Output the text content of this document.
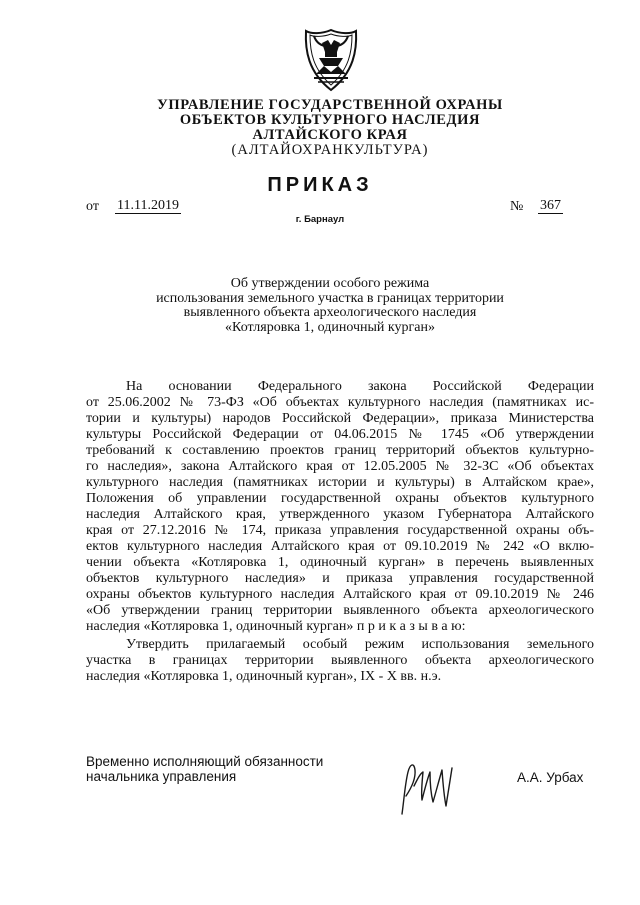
УПРАВЛЕНИЕ ГОСУДАРСТВЕННОЙ ОХРАНЫ
ОБЪЕКТОВ КУЛЬТУРНОГО НАСЛЕДИЯ
АЛТАЙСКОГО КРАЯ
(АЛТАЙОХРАНКУЛЬТУРА)
ПРИКАЗ
от 11.11.2019	№ 367
г. Барнаул
Об утверждении особого режима
использования земельного участка в границах территории
выявленного объекта археологического наследия
«Котляровка 1, одиночный курган»
На основании Федерального закона Российской Федерации
от 25.06.2002 № 73-ФЗ «Об объектах культурного наследия (памятниках ис-
тории и культуры) народов Российской Федерации», приказа Министерства
культуры Российской Федерации от 04.06.2015 № 1745 «Об утверждении
требований к составлению проектов границ территорий объектов культурно-
го наследия», закона Алтайского края от 12.05.2005 № 32-ЗС «Об объектах
культурного наследия (памятниках истории и культуры) в Алтайском крае»,
Положения об управлении государственной охраны объектов культурного
наследия Алтайского края, утвержденного указом Губернатора Алтайского
края от 27.12.2016 № 174, приказа управления государственной охраны объ-
ектов культурного наследия Алтайского края от 09.10.2019 № 242 «О вклю-
чении объекта «Котляровка 1, одиночный курган» в перечень выявленных
объектов культурного наследия» и приказа управления государственной
охраны объектов культурного наследия Алтайского края от 09.10.2019 № 246
«Об утверждении границ территории выявленного объекта археологического
наследия «Котляровка 1, одиночный курган» п р и к а з ы в а ю:
Утвердить прилагаемый особый режим использования земельного
участка в границах территории выявленного объекта археологического
наследия «Котляровка 1, одиночный курган», IX - X вв. н.э.
Временно исполняющий обязанности
начальника управления	А.А. Урбах
